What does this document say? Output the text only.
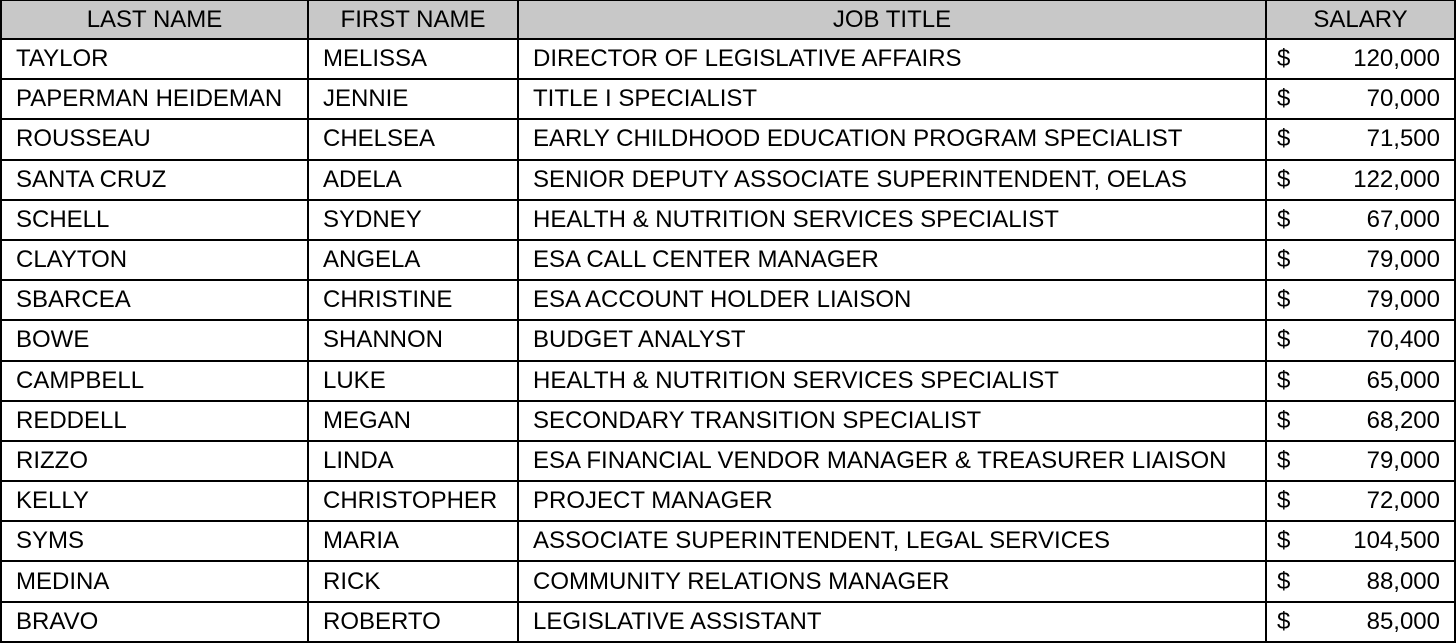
LAST NAME	FIRST NAME	JOB TITLE	SALARY
TAYLOR	MELISSA	DIRECTOR OF LEGISLATIVE AFFAIRS	$ 120,000

PAPERMAN HEIDEMAN	JENNIE	TITLE I SPECIALIST	$ 70,000

ROUSSEAU	CHELSEA	EARLY CHILDHOOD EDUCATION PROGRAM SPECIALIST	$ 71,500

SANTA CRUZ	ADELA	SENIOR DEPUTY ASSOCIATE SUPERINTENDENT, OELAS	$ 122,000

SCHELL	SYDNEY	HEALTH & NUTRITION SERVICES SPECIALIST	$ 67,000

CLAYTON	ANGELA	ESA CALL CENTER MANAGER	$ 79,000

SBARCEA	CHRISTINE	ESA ACCOUNT HOLDER LIAISON	$ 79,000

BOWE	SHANNON	BUDGET ANALYST	$ 70,400

CAMPBELL	LUKE	HEALTH & NUTRITION SERVICES SPECIALIST	$ 65,000

REDDELL	MEGAN	SECONDARY TRANSITION SPECIALIST	$ 68,200

RIZZO	LINDA	ESA FINANCIAL VENDOR MANAGER & TREASURER LIAISON	$ 79,000

KELLY	CHRISTOPHER	PROJECT MANAGER	$ 72,000

SYMS	MARIA	ASSOCIATE SUPERINTENDENT, LEGAL SERVICES	$ 104,500

MEDINA	RICK	COMMUNITY RELATIONS MANAGER	$ 88,000

BRAVO	ROBERTO	LEGISLATIVE ASSISTANT	$ 85,000
